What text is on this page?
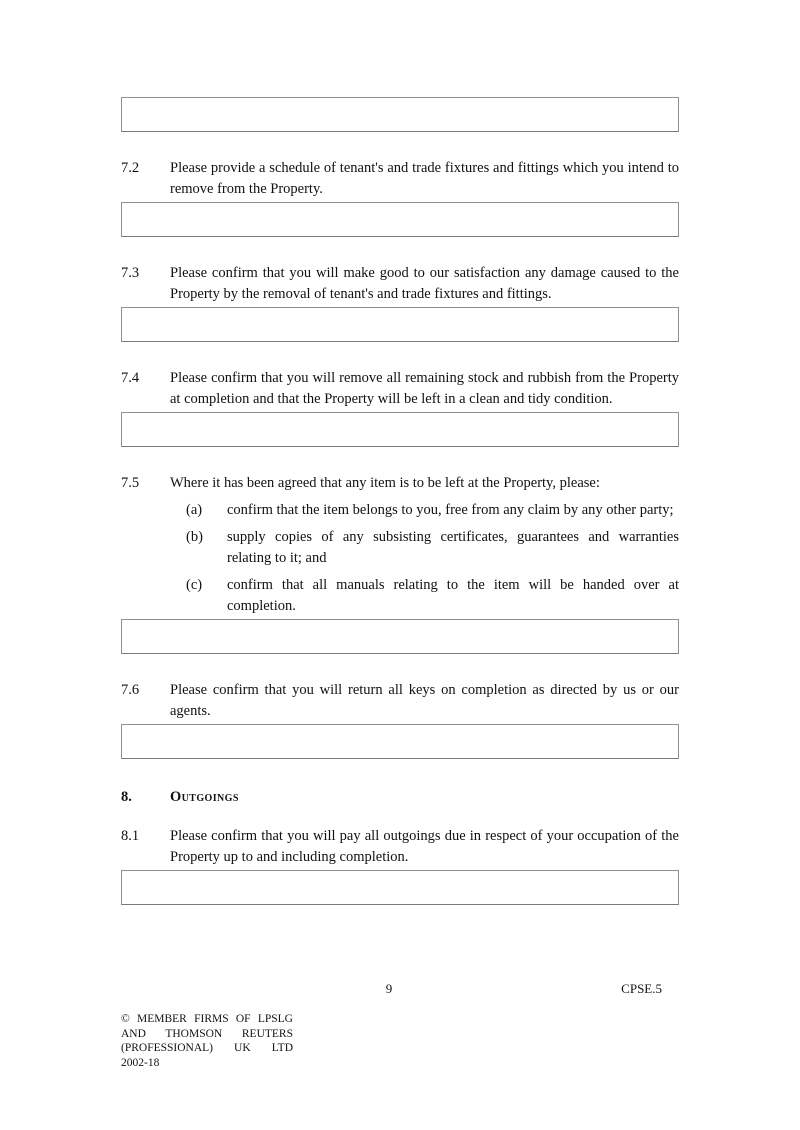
7.2	Please provide a schedule of tenant's and trade fixtures and fittings which you intend to remove from the Property.

7.3	Please confirm that you will make good to our satisfaction any damage caused to the Property by the removal of tenant's and trade fixtures and fittings.

7.4	Please confirm that you will remove all remaining stock and rubbish from the Property at completion and that the Property will be left in a clean and tidy condition.

7.5	Where it has been agreed that any item is to be left at the Property, please:

(a)	confirm that the item belongs to you, free from any claim by any other party;

(b)	supply copies of any subsisting certificates, guarantees and warranties relating to it; and

(c)	confirm that all manuals relating to the item will be handed over at completion.

7.6	Please confirm that you will return all keys on completion as directed by us or our agents.

8.	Outgoings
8.1	Please confirm that you will pay all outgoings due in respect of your occupation of the Property up to and including completion.

9	CPSE.5
© MEMBER FIRMS OF LPSLG
AND THOMSON REUTERS
(PROFESSIONAL) UK LTD
2002-18
